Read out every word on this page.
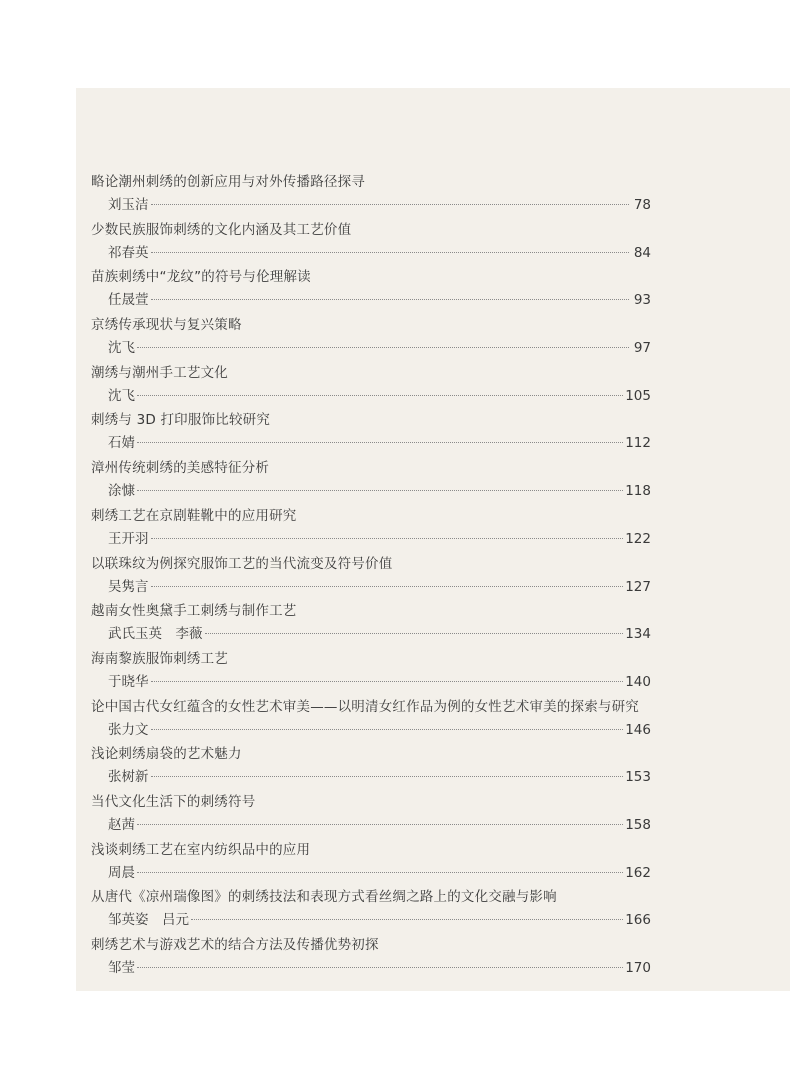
略论潮州刺绣的创新应用与对外传播路径探寻
刘玉洁	78
少数民族服饰刺绣的文化内涵及其工艺价值
祁春英	84
苗族刺绣中“龙纹”的符号与伦理解读
任晟萱	93
京绣传承现状与复兴策略
沈飞	97
潮绣与潮州手工艺文化
沈飞	105
刺绣与 3D 打印服饰比较研究
石婧	112
漳州传统刺绣的美感特征分析
涂慷	118
刺绣工艺在京剧鞋靴中的应用研究
王开羽	122
以联珠纹为例探究服饰工艺的当代流变及符号价值
吴隽言	127
越南女性奥黛手工刺绣与制作工艺
武氏玉英　李薇	134
海南黎族服饰刺绣工艺
于晓华	140
论中国古代女红蕴含的女性艺术审美——以明清女红作品为例的女性艺术审美的探索与研究
张力文	146
浅论刺绣扇袋的艺术魅力
张树新	153
当代文化生活下的刺绣符号
赵茜	158
浅谈刺绣工艺在室内纺织品中的应用
周晨	162
从唐代《凉州瑞像图》的刺绣技法和表现方式看丝绸之路上的文化交融与影响
邹英姿　吕元	166
刺绣艺术与游戏艺术的结合方法及传播优势初探
邹莹	170
